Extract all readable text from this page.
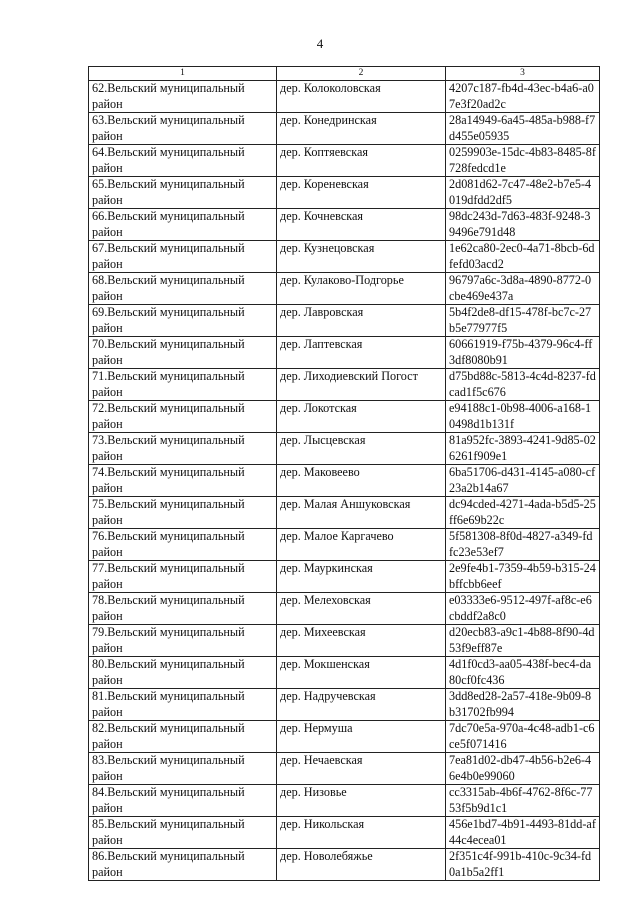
4
1	2	3

62.Вельский муниципальный
район	дер. Колоколовская	4207c187-fb4d-43ec-b4a6-a07e3f20ad2c

63.Вельский муниципальный
район	дер. Конедринская	28a14949-6a45-485a-b988-f7d455e05935

64.Вельский муниципальный
район	дер. Коптяевская	0259903e-15dc-4b83-8485-8f728fedcd1e

65.Вельский муниципальный
район	дер. Кореневская	2d081d62-7c47-48e2-b7e5-4019dfdd2df5

66.Вельский муниципальный
район	дер. Кочневская	98dc243d-7d63-483f-9248-39496e791d48

67.Вельский муниципальный
район	дер. Кузнецовская	1e62ca80-2ec0-4a71-8bcb-6dfefd03acd2

68.Вельский муниципальный
район	дер. Кулаково-Подгорье	96797a6c-3d8a-4890-8772-0cbe469e437a

69.Вельский муниципальный
район	дер. Лавровская	5b4f2de8-df15-478f-bc7c-27b5e77977f5

70.Вельский муниципальный
район	дер. Лаптевская	60661919-f75b-4379-96c4-ff3df8080b91

71.Вельский муниципальный
район	дер. Лиходиевский Погост	d75bd88c-5813-4c4d-8237-fdcad1f5c676

72.Вельский муниципальный
район	дер. Локотская	e94188c1-0b98-4006-a168-10498d1b131f

73.Вельский муниципальный
район	дер. Лысцевская	81a952fc-3893-4241-9d85-026261f909e1

74.Вельский муниципальный
район	дер. Маковеево	6ba51706-d431-4145-a080-cf23a2b14a67

75.Вельский муниципальный
район	дер. Малая Аншуковская	dc94cded-4271-4ada-b5d5-25ff6e69b22c

76.Вельский муниципальный
район	дер. Малое Каргачево	5f581308-8f0d-4827-a349-fdfc23e53ef7

77.Вельский муниципальный
район	дер. Мауркинская	2e9fe4b1-7359-4b59-b315-24bffcbb6eef

78.Вельский муниципальный
район	дер. Мелеховская	e03333e6-9512-497f-af8c-e6cbddf2a8c0

79.Вельский муниципальный
район	дер. Михеевская	d20ecb83-a9c1-4b88-8f90-4d53f9eff87e

80.Вельский муниципальный
район	дер. Мокшенская	4d1f0cd3-aa05-438f-bec4-da80cf0fc436

81.Вельский муниципальный
район	дер. Надручевская	3dd8ed28-2a57-418e-9b09-8b31702fb994

82.Вельский муниципальный
район	дер. Нермуша	7dc70e5a-970a-4c48-adb1-c6ce5f071416

83.Вельский муниципальный
район	дер. Нечаевская	7ea81d02-db47-4b56-b2e6-46e4b0e99060

84.Вельский муниципальный
район	дер. Низовье	cc3315ab-4b6f-4762-8f6c-7753f5b9d1c1

85.Вельский муниципальный
район	дер. Никольская	456e1bd7-4b91-4493-81dd-af44c4ecea01

86.Вельский муниципальный
район	дер. Новолебяжье	2f351c4f-991b-410c-9c34-fd0a1b5a2ff1
